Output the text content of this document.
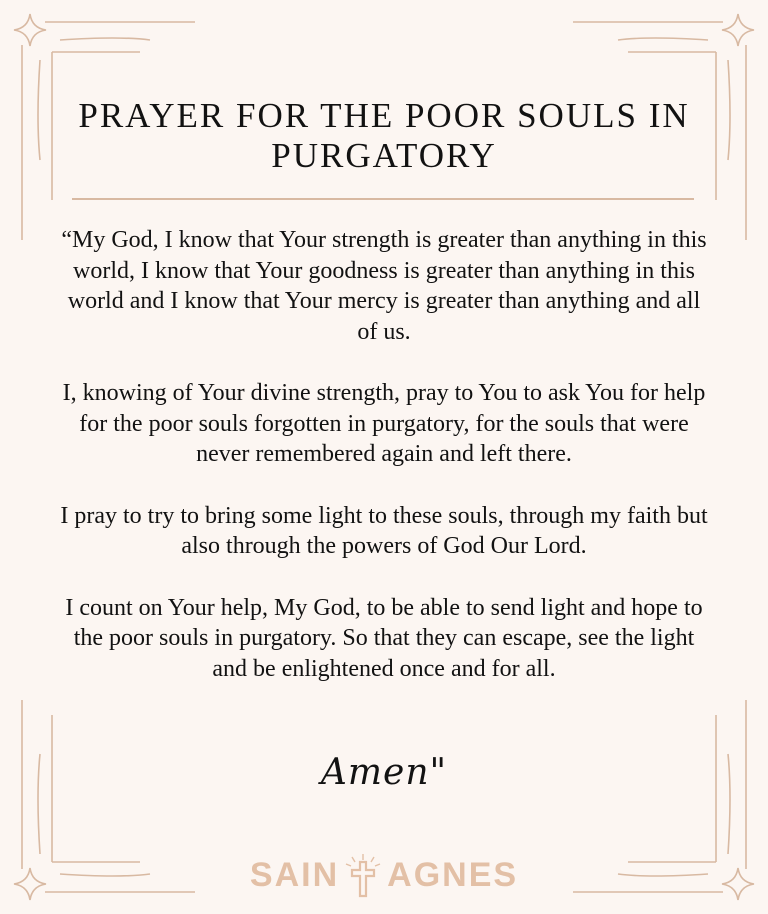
PRAYER FOR THE POOR SOULS IN PURGATORY

“My God, I know that Your strength is greater than anything in this world, I know that Your goodness is greater than anything in this world and I know that Your mercy is greater than anything and all of us.

I, knowing of Your divine strength, pray to You to ask You for help for the poor souls forgotten in purgatory, for the souls that were never remembered again and left there.

I pray to try to bring some light to these souls, through my faith but also through the powers of God Our Lord.

I count on Your help, My God, to be able to send light and hope to the poor souls in purgatory. So that they can escape, see the light and be enlightened once and for all.

Amen"
SAIN AGNES
